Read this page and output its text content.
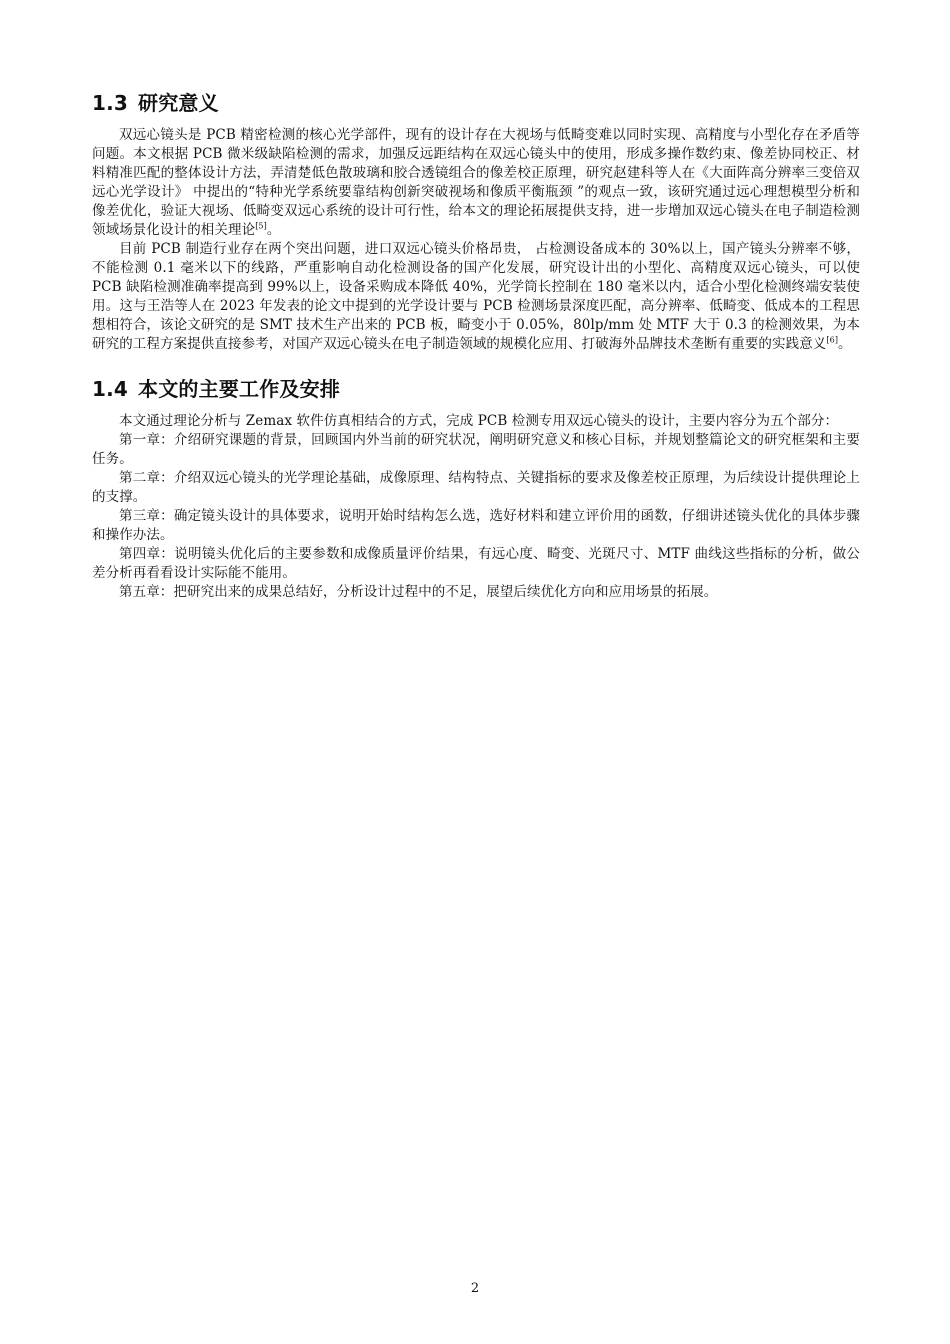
1.3 研究意义

双远心镜头是 PCB 精密检测的核心光学部件，现有的设计存在大视场与低畸变难以同时实现、高精度与小型化存在矛盾等问题。本文根据 PCB 微米级缺陷检测的需求，加强反远距结构在双远心镜头中的使用，形成多操作数约束、像差协同校正、材料精准匹配的整体设计方法，弄清楚低色散玻璃和胶合透镜组合的像差校正原理，研究赵建科等人在《大面阵高分辨率三变倍双远心光学设计》 中提出的“特种光学系统要靠结构创新突破视场和像质平衡瓶颈 ”的观点一致，该研究通过远心理想模型分析和像差优化，验证大视场、低畸变双远心系统的设计可行性，给本文的理论拓展提供支持，进一步增加双远心镜头在电子制造检测领域场景化设计的相关理论[5]。

目前 PCB 制造行业存在两个突出问题，进口双远心镜头价格昂贵， 占检测设备成本的 30%以上，国产镜头分辨率不够，不能检测 0.1 毫米以下的线路，严重影响自动化检测设备的国产化发展，研究设计出的小型化、高精度双远心镜头，可以使 PCB 缺陷检测准确率提高到 99%以上，设备采购成本降低 40%，光学筒长控制在 180 毫米以内，适合小型化检测终端安装使用。这与王浩等人在 2023 年发表的论文中提到的光学设计要与 PCB 检测场景深度匹配，高分辨率、低畸变、低成本的工程思想相符合，该论文研究的是 SMT 技术生产出来的 PCB 板，畸变小于 0.05%，80lp/mm 处 MTF 大于 0.3 的检测效果，为本研究的工程方案提供直接参考，对国产双远心镜头在电子制造领域的规模化应用、打破海外品牌技术垄断有重要的实践意义[6]。

1.4 本文的主要工作及安排

本文通过理论分析与 Zemax 软件仿真相结合的方式，完成 PCB 检测专用双远心镜头的设计，主要内容分为五个部分：

第一章：介绍研究课题的背景，回顾国内外当前的研究状况，阐明研究意义和核心目标，并规划整篇论文的研究框架和主要任务。

第二章：介绍双远心镜头的光学理论基础，成像原理、结构特点、关键指标的要求及像差校正原理，为后续设计提供理论上的支撑。

第三章：确定镜头设计的具体要求，说明开始时结构怎么选，选好材料和建立评价用的函数，仔细讲述镜头优化的具体步骤和操作办法。

第四章：说明镜头优化后的主要参数和成像质量评价结果，有远心度、畸变、光斑尺寸、MTF 曲线这些指标的分析，做公差分析再看看设计实际能不能用。

第五章：把研究出来的成果总结好，分析设计过程中的不足，展望后续优化方向和应用场景的拓展。

2
